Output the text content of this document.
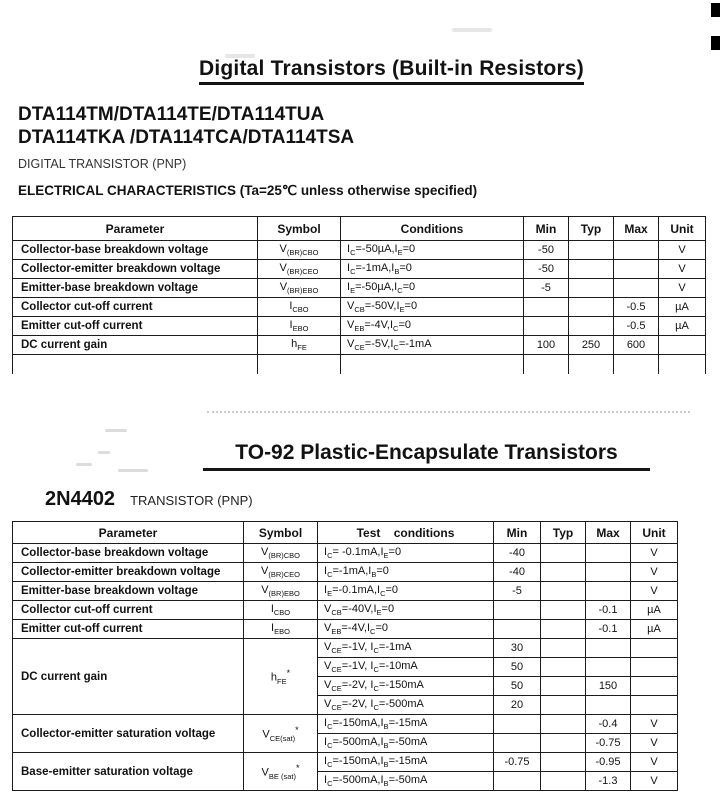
Digital Transistors (Built-in Resistors)
DTA114TM/DTA114TE/DTA114TUA
DTA114TKA /DTA114TCA/DTA114TSA
DIGITAL TRANSISTOR (PNP)
ELECTRICAL CHARACTERISTICS (Ta=25℃ unless otherwise specified)
Parameter	Symbol	Conditions	Min	Typ	Max	Unit
Collector-base breakdown voltage	$V_{(BR)CBO}$	$I_C=-50\mu A,I_E=0$	-50			V
Collector-emitter breakdown voltage	$V_{(BR)CEO}$	$I_C=-1mA,I_B=0$	-50			V
Emitter-base breakdown voltage	$V_{(BR)EBO}$	$I_E=-50\mu A,I_C=0$	-5			V
Collector cut-off current	$I_{CBO}$	$V_{CB}=-50V,I_E=0$			-0.5	µA
Emitter cut-off current	$I_{EBO}$	$V_{EB}=-4V,I_C=0$			-0.5	µA
DC current gain	$h_{FE}$	$V_{CE}=-5V,I_C=-1mA$	100	250	600	

TO-92 Plastic-Encapsulate Transistors
2N4402 TRANSISTOR (PNP)
Parameter	Symbol	Test    conditions	Min	Typ	Max	Unit
Collector-base breakdown voltage	$V_{(BR)CBO}$	$I_C= -0.1mA,I_E=0$	-40			V
Collector-emitter breakdown voltage	$V_{(BR)CEO}$	$I_C=-1mA,I_B=0$	-40			V
Emitter-base breakdown voltage	$V_{(BR)EBO}$	$I_E=-0.1mA,I_C=0$	-5			V
Collector cut-off current	$I_{CBO}$	$V_{CB}=-40V,I_E=0$			-0.1	µA
Emitter cut-off current	$I_{EBO}$	$V_{EB}=-4V,I_C=0$			-0.1	µA
DC current gain	$h_{FE}^*$	$V_{CE}=-1V$, $I_C=-1mA$	30			
		$V_{CE}=-1V$, $I_C=-10mA$	50			
		$V_{CE}=-2V$, $I_C=-150mA$	50		150	
		$V_{CE}=-2V$, $I_C=-500mA$	20			
Collector-emitter saturation voltage	$V_{CE(sat)}^*$	$I_C=-150mA,I_B=-15mA$			-0.4	V
		$I_C=-500mA,I_B=-50mA$			-0.75	V
Base-emitter saturation voltage	$V_{BE (sat)}^*$	$I_C=-150mA,I_B=-15mA$	-0.75		-0.95	V
		$I_C=-500mA,I_B=-50mA$			-1.3	V
